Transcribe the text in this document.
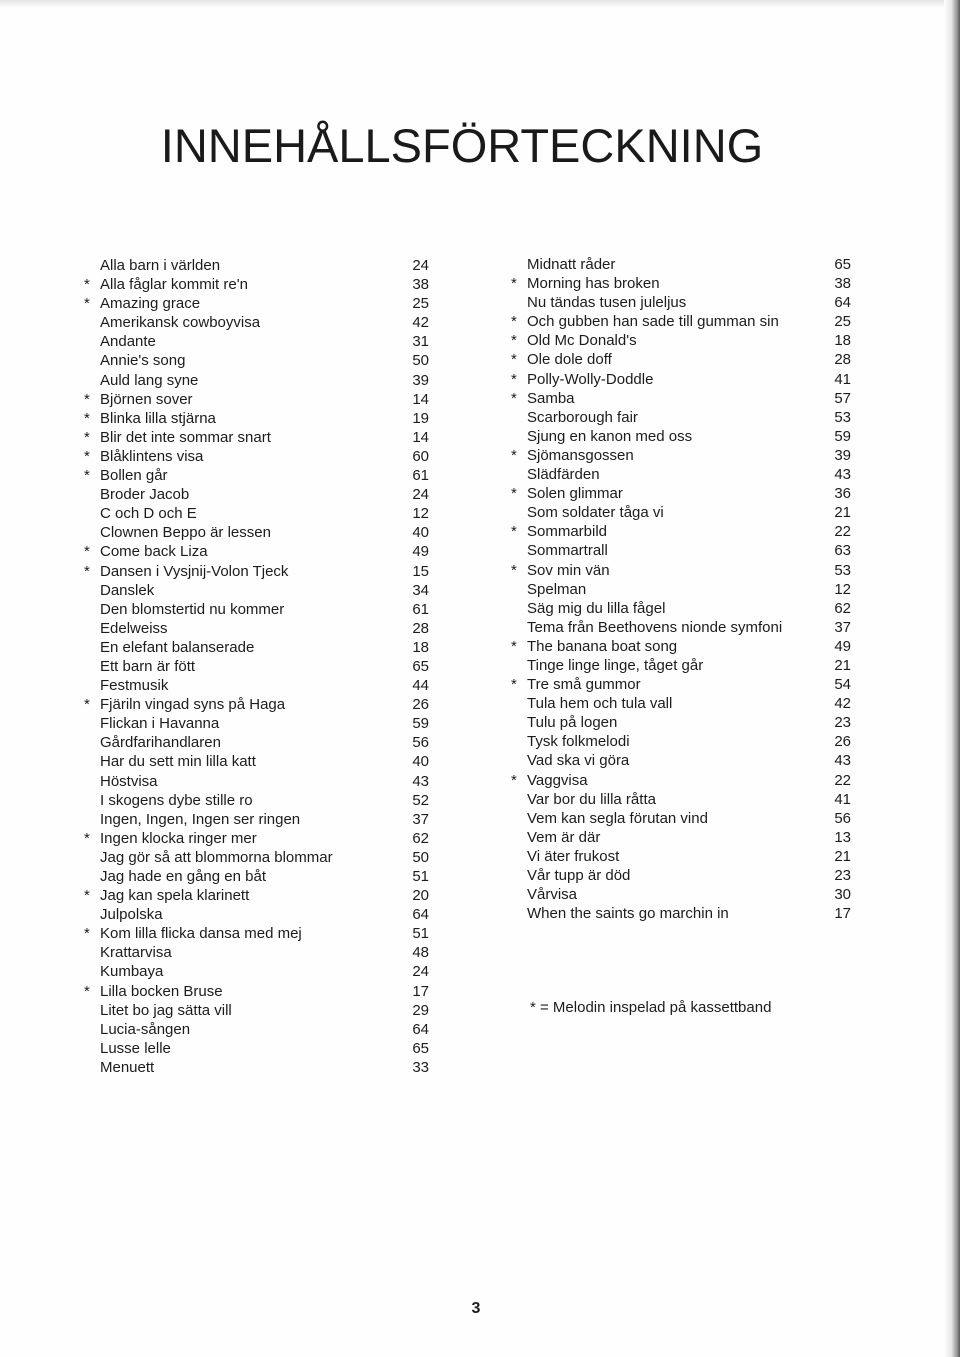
INNEHÅLLSFÖRTECKNING
Alla barn i världen	24
* Alla fåglar kommit re'n	38
* Amazing grace	25
Amerikansk cowboyvisa	42
Andante	31
Annie's song	50
Auld lang syne	39
* Björnen sover	14
* Blinka lilla stjärna	19
* Blir det inte sommar snart	14
* Blåklintens visa	60
* Bollen går	61
Broder Jacob	24
C och D och E	12
Clownen Beppo är lessen	40
* Come back Liza	49
* Dansen i Vysjnij-Volon Tjeck	15
Danslek	34
Den blomstertid nu kommer	61
Edelweiss	28
En elefant balanserade	18
Ett barn är fött	65
Festmusik	44
* Fjäriln vingad syns på Haga	26
Flickan i Havanna	59
Gårdfarihandlaren	56
Har du sett min lilla katt	40
Höstvisa	43
I skogens dybe stille ro	52
Ingen, Ingen, Ingen ser ringen	37
* Ingen klocka ringer mer	62
Jag gör så att blommorna blommar	50
Jag hade en gång en båt	51
* Jag kan spela klarinett	20
Julpolska	64
* Kom lilla flicka dansa med mej	51
Krattarvisa	48
Kumbaya	24
* Lilla bocken Bruse	17
Litet bo jag sätta vill	29
Lucia-sången	64
Lusse lelle	65
Menuett	33
Midnatt råder	65
* Morning has broken	38
Nu tändas tusen juleljus	64
* Och gubben han sade till gumman sin	25
* Old Mc Donald's	18
* Ole dole doff	28
* Polly-Wolly-Doddle	41
* Samba	57
Scarborough fair	53
Sjung en kanon med oss	59
* Sjömansgossen	39
Slädfärden	43
* Solen glimmar	36
Som soldater tåga vi	21
* Sommarbild	22
Sommartrall	63
* Sov min vän	53
Spelman	12
Säg mig du lilla fågel	62
Tema från Beethovens nionde symfoni	37
* The banana boat song	49
Tinge linge linge, tåget går	21
* Tre små gummor	54
Tula hem och tula vall	42
Tulu på logen	23
Tysk folkmelodi	26
Vad ska vi göra	43
* Vaggvisa	22
Var bor du lilla råtta	41
Vem kan segla förutan vind	56
Vem är där	13
Vi äter frukost	21
Vår tupp är död	23
Vårvisa	30
When the saints go marchin in	17
* = Melodin inspelad på kassettband
3
